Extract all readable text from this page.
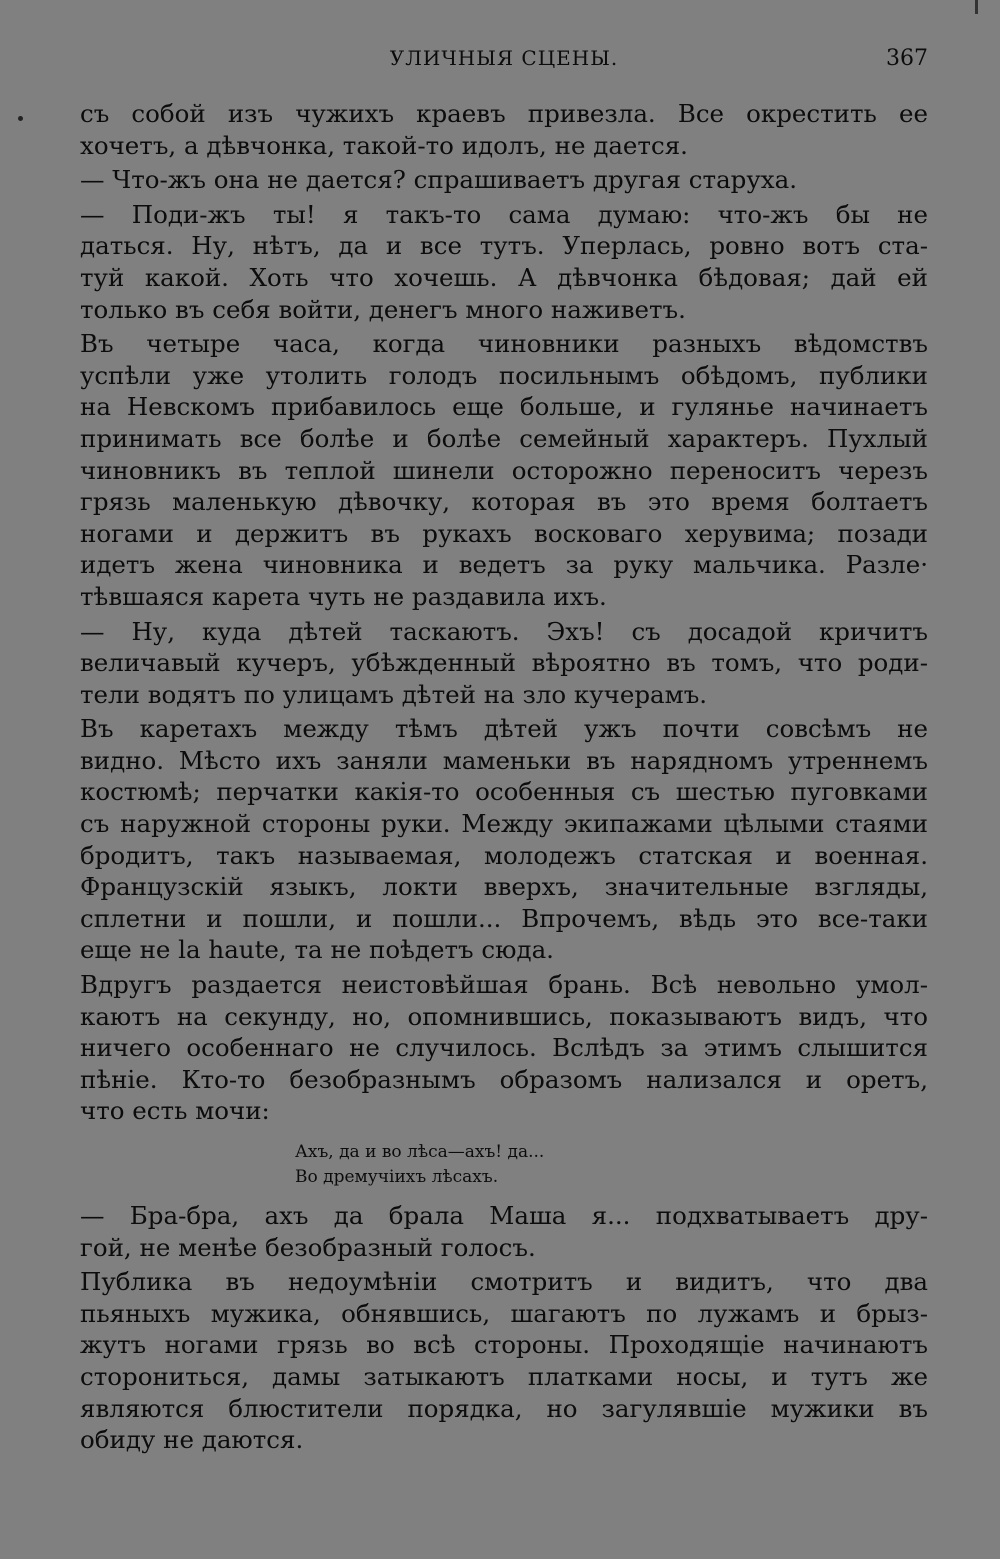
УЛИЧНЫЯ СЦЕНЫ.	367
съ собой изъ чужихъ краевъ привезла. Все окрестить ее
хочетъ, а дѣвчонка, такой-то идолъ, не дается.
— Что-жъ она не дается? спрашиваетъ другая старуха.
— Поди-жъ ты! я такъ-то сама думаю: что-жъ бы не
даться. Ну, нѣтъ, да и все тутъ. Уперлась, ровно вотъ ста-
туй какой. Хоть что хочешь. А дѣвчонка бѣдовая; дай ей
только въ себя войти, денегъ много наживетъ.
Въ четыре часа, когда чиновники разныхъ вѣдомствъ
успѣли уже утолить голодъ посильнымъ обѣдомъ, публики
на Невскомъ прибавилось еще больше, и гулянье начинаетъ
принимать все болѣе и болѣе семейный характеръ. Пухлый
чиновникъ въ теплой шинели осторожно переноситъ черезъ
грязь маленькую дѣвочку, которая въ это время болтаетъ
ногами и держитъ въ рукахъ восковаго херувима; позади
идетъ жена чиновника и ведетъ за руку мальчика. Разле·
тѣвшаяся карета чуть не раздавила ихъ.
— Ну, куда дѣтей таскаютъ. Эхъ! съ досадой кричитъ
величавый кучеръ, убѣжденный вѣроятно въ томъ, что роди-
тели водятъ по улицамъ дѣтей на зло кучерамъ.
Въ каретахъ между тѣмъ дѣтей ужъ почти совсѣмъ не
видно. Мѣсто ихъ заняли маменьки въ нарядномъ утреннемъ
костюмѣ; перчатки какія-то особенныя съ шестью пуговками
съ наружной стороны руки. Между экипажами цѣлыми стаями
бродитъ, такъ называемая, молодежъ статская и военная.
Французскій языкъ, локти вверхъ, значительные взгляды,
сплетни и пошли, и пошли... Впрочемъ, вѣдь это все-таки
еще не la haute, та не поѣдетъ сюда.
Вдругъ раздается неистовѣйшая брань. Всѣ невольно умол-
каютъ на секунду, но, опомнившись, показываютъ видъ, что
ничего особеннаго не случилось. Вслѣдъ за этимъ слышится
пѣніе. Кто-то безобразнымъ образомъ нализался и оретъ,
что есть мочи:
Ахъ, да и во лѣса—ахъ! да...
Во дремучіихъ лѣсахъ.
— Бра-бра, ахъ да брала Маша я... подхватываетъ дру-
гой, не менѣе безобразный голосъ.
Публика въ недоумѣніи смотритъ и видитъ, что два
пьяныхъ мужика, обнявшись, шагаютъ по лужамъ и брыз-
жутъ ногами грязь во всѣ стороны. Проходящіе начинаютъ
сторониться, дамы затыкаютъ платками носы, и тутъ же
являются блюстители порядка, но загулявшіе мужики въ
обиду не даются.
